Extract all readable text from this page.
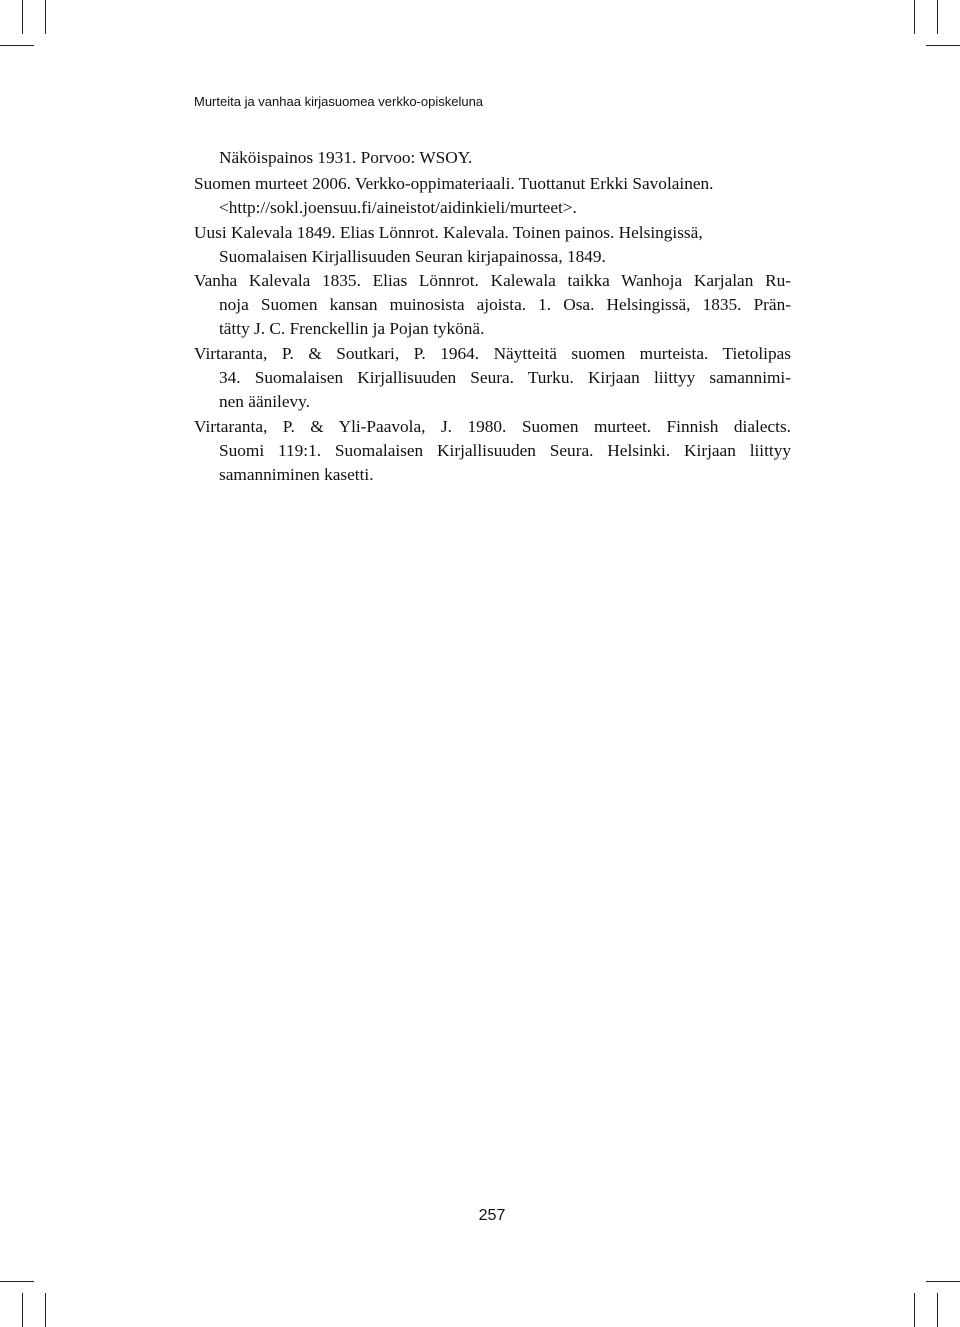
Murteita ja vanhaa kirjasuomea verkko-opiskeluna
Näköispainos 1931. Porvoo: WSOY.
Suomen murteet 2006. Verkko-oppimateriaali. Tuottanut Erkki Savolainen.
<http://sokl.joensuu.fi/aineistot/aidinkieli/murteet>.
Uusi Kalevala 1849. Elias Lönnrot. Kalevala. Toinen painos. Helsingissä,
Suomalaisen Kirjallisuuden Seuran kirjapainossa, 1849.
Vanha Kalevala 1835. Elias Lönnrot. Kalewala taikka Wanhoja Karjalan Ru-
noja Suomen kansan muinosista ajoista. 1. Osa. Helsingissä, 1835. Prän-
tätty J. C. Frenckellin ja Pojan tykönä.
Virtaranta, P. & Soutkari, P. 1964. Näytteitä suomen murteista. Tietolipas
34. Suomalaisen Kirjallisuuden Seura. Turku. Kirjaan liittyy samannimi-
nen äänilevy.
Virtaranta, P. & Yli-Paavola, J. 1980. Suomen murteet. Finnish dialects.
Suomi 119:1. Suomalaisen Kirjallisuuden Seura. Helsinki. Kirjaan liittyy
samanniminen kasetti.
257
